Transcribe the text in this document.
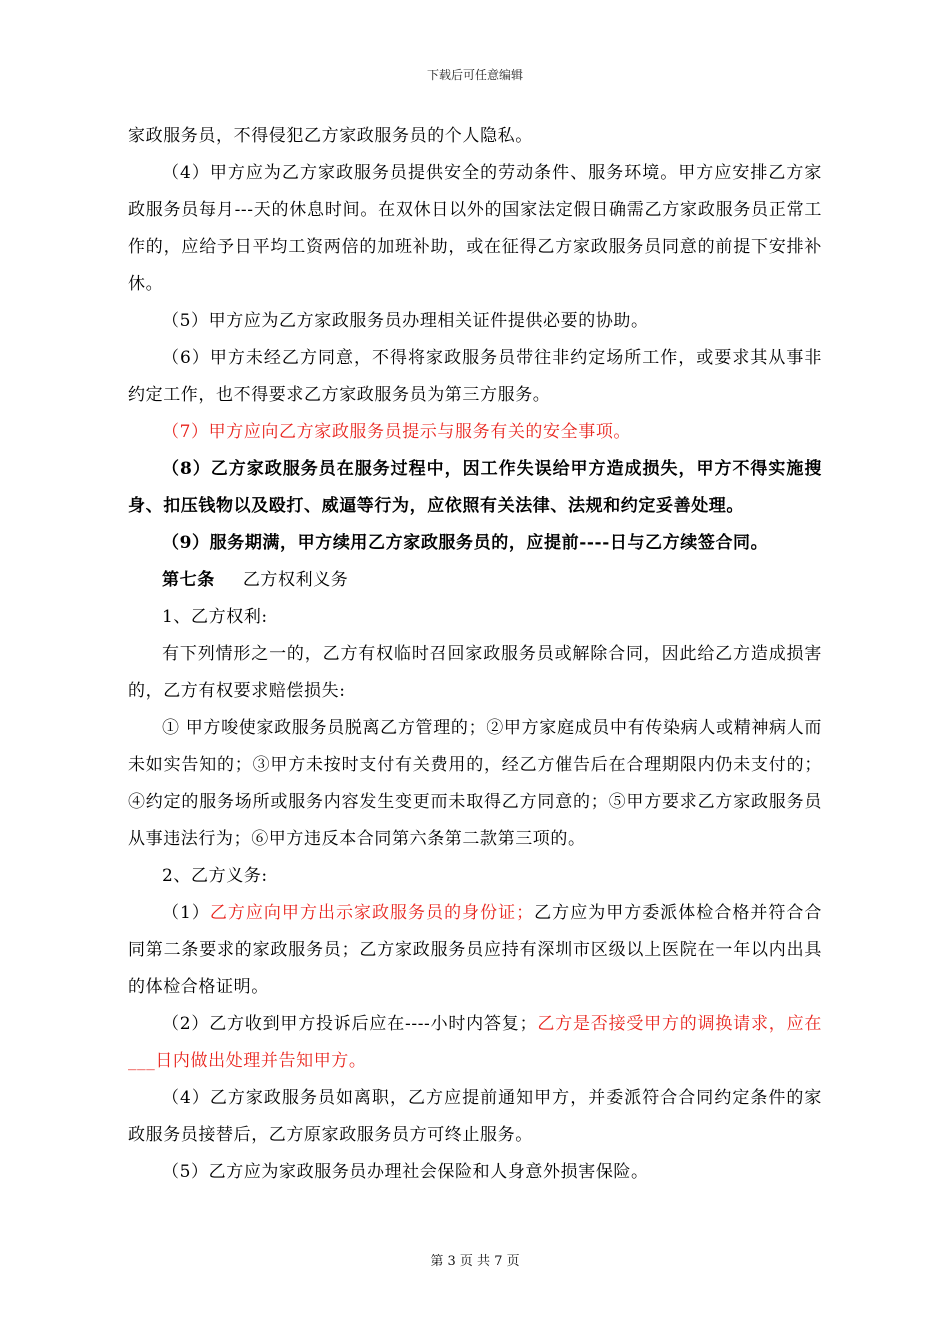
下载后可任意编辑

家政服务员，不得侵犯乙方家政服务员的个人隐私。

（4）甲方应为乙方家政服务员提供安全的劳动条件、服务环境。甲方应安排乙方家政服务员每月---天的休息时间。在双休日以外的国家法定假日确需乙方家政服务员正常工作的，应给予日平均工资两倍的加班补助，或在征得乙方家政服务员同意的前提下安排补休。

（5）甲方应为乙方家政服务员办理相关证件提供必要的协助。

（6）甲方未经乙方同意，不得将家政服务员带往非约定场所工作，或要求其从事非约定工作，也不得要求乙方家政服务员为第三方服务。

（7）甲方应向乙方家政服务员提示与服务有关的安全事项。

（8）乙方家政服务员在服务过程中，因工作失误给甲方造成损失，甲方不得实施搜身、扣压钱物以及殴打、威逼等行为，应依照有关法律、法规和约定妥善处理。

（9）服务期满，甲方续用乙方家政服务员的，应提前----日与乙方续签合同。

第七条 乙方权利义务

1、乙方权利:

有下列情形之一的，乙方有权临时召回家政服务员或解除合同，因此给乙方造成损害的，乙方有权要求赔偿损失:

① 甲方唆使家政服务员脱离乙方管理的；②甲方家庭成员中有传染病人或精神病人而未如实告知的；③甲方未按时支付有关费用的，经乙方催告后在合理期限内仍未支付的；④约定的服务场所或服务内容发生变更而未取得乙方同意的；⑤甲方要求乙方家政服务员从事违法行为；⑥甲方违反本合同第六条第二款第三项的。

2、乙方义务:

（1）乙方应向甲方出示家政服务员的身份证；乙方应为甲方委派体检合格并符合合同第二条要求的家政服务员；乙方家政服务员应持有深圳市区级以上医院在一年以内出具的体检合格证明。

（2）乙方收到甲方投诉后应在----小时内答复；乙方是否接受甲方的调换请求，应在___日内做出处理并告知甲方。

（4）乙方家政服务员如离职，乙方应提前通知甲方，并委派符合合同约定条件的家政服务员接替后，乙方原家政服务员方可终止服务。

（5）乙方应为家政服务员办理社会保险和人身意外损害保险。

第 3 页 共 7 页
